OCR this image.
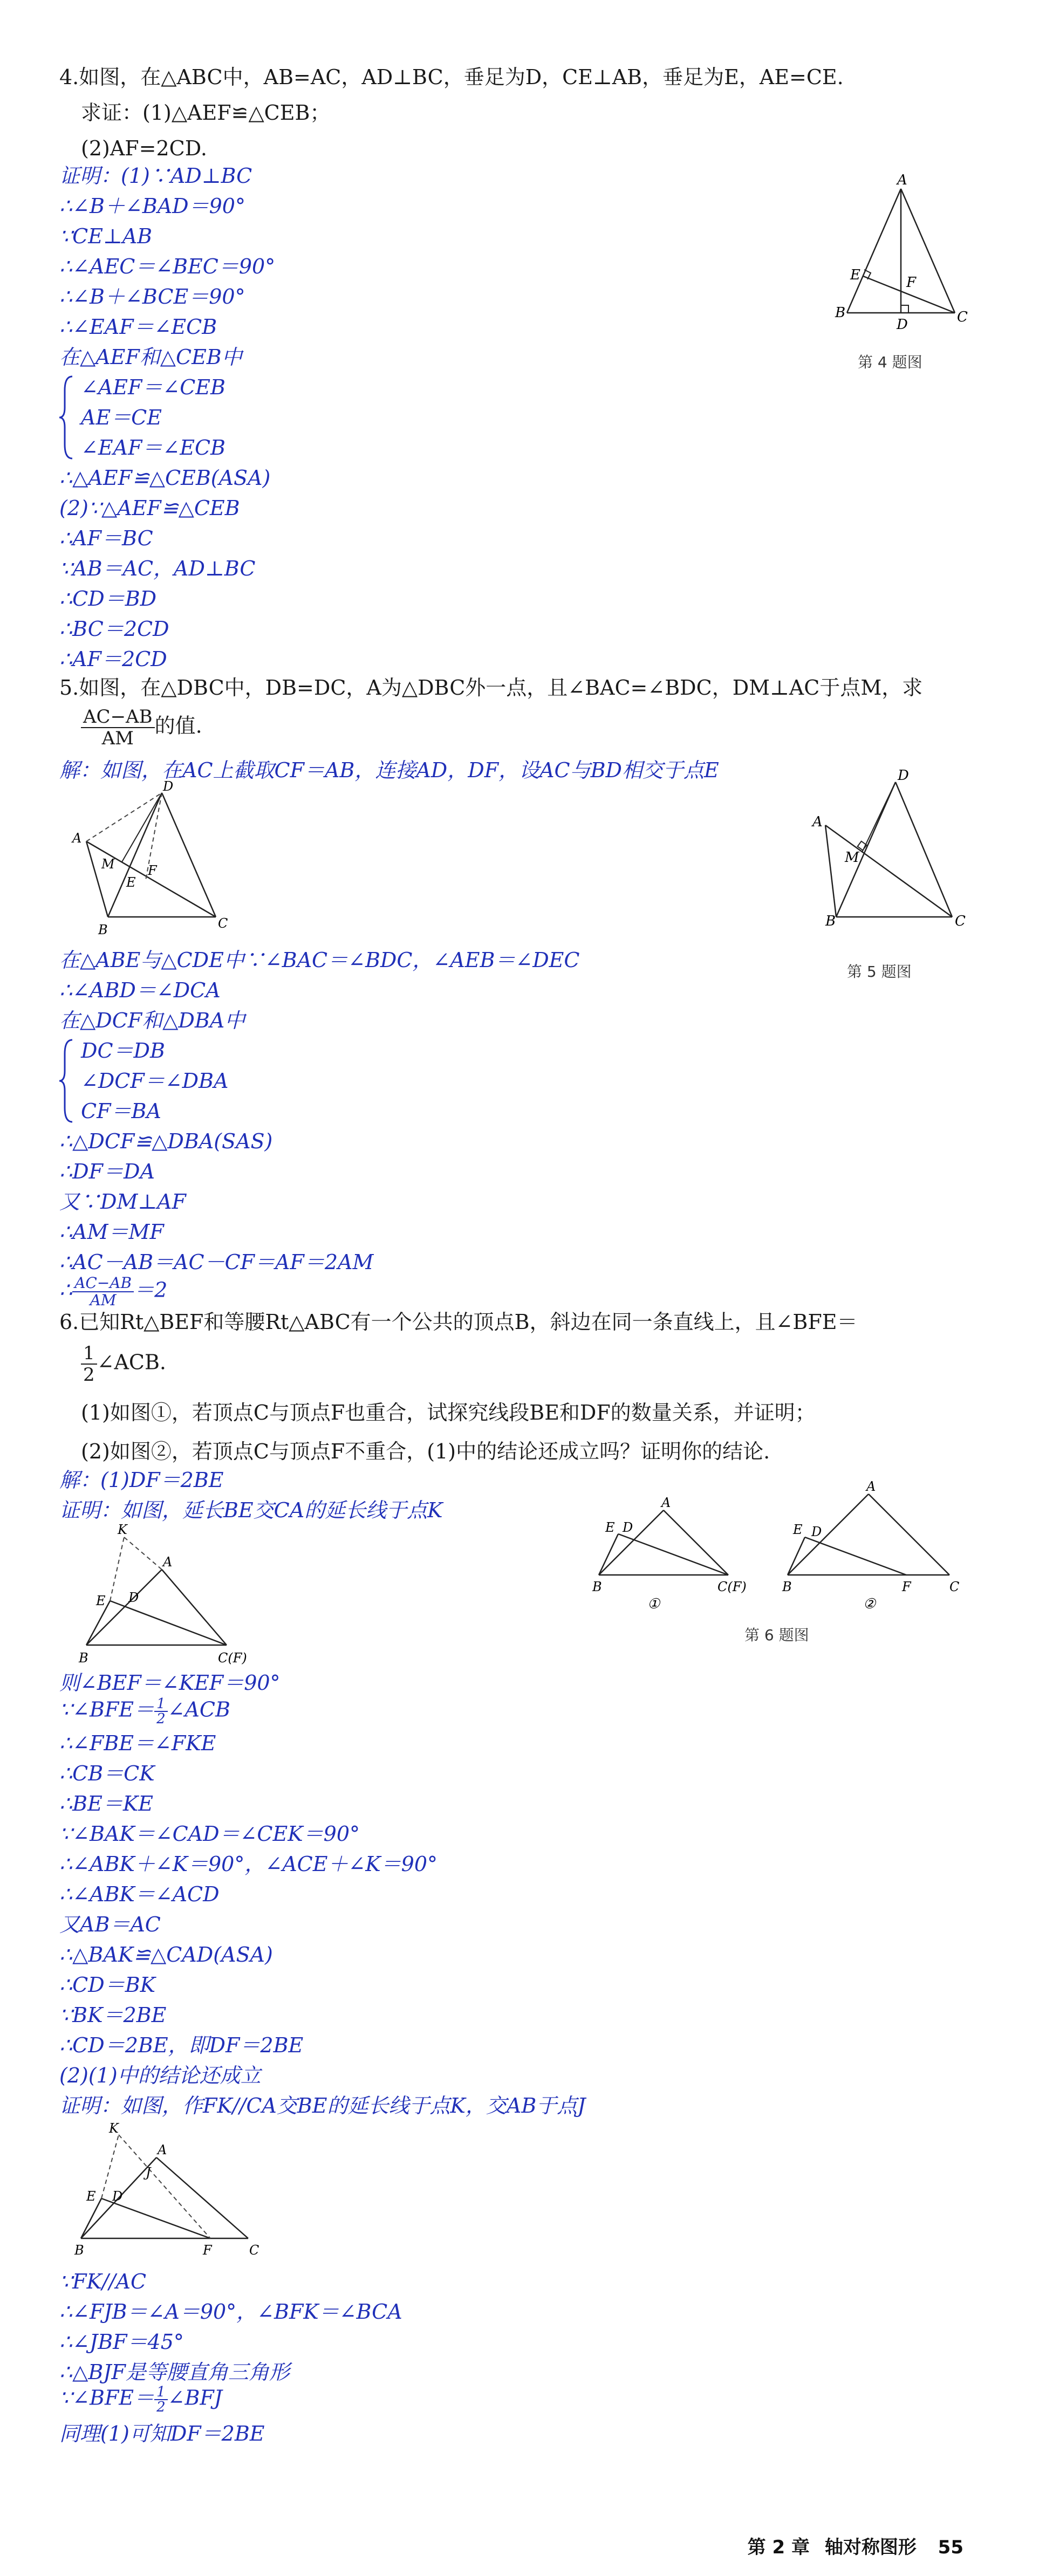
4.如图，在△ABC中，AB=AC，AD⊥BC，垂足为D，CE⊥AB，垂足为E，AE=CE.
求证：(1)△AEF≌△CEB；
(2)AF=2CD.
证明：(1)∵AD⊥BC
∴∠B＋∠BAD＝90°
∵CE⊥AB
∴∠AEC＝∠BEC＝90°
∴∠B＋∠BCE＝90°
∴∠EAF＝∠ECB
在△AEF和△CEB中
∠AEF＝∠CEB
AE＝CE
∠EAF＝∠ECB
∴△AEF≌△CEB(ASA)
(2)∵△AEF≌△CEB
∴AF＝BC
∵AB＝AC，AD⊥BC
∴CD＝BD
∴BC＝2CD
∴AF＝2CD
A
B	C
D
E	F
第 4 题图
5.如图，在△DBC中，DB=DC，A为△DBC外一点，且∠BAC=∠BDC，DM⊥AC于点M，求
$\frac{AC-AB}{AM}$ 的值.
解：如图，在AC上截取CF＝AB，连接AD，DF，设AC与BD相交于点E
D
A
B	C
M
E
F
D
A
B	C
M
第 5 题图
在△ABE与△CDE中∵∠BAC＝∠BDC，∠AEB＝∠DEC
∴∠ABD＝∠DCA
在△DCF和△DBA中
DC＝DB
∠DCF＝∠DBA
CF＝BA
∴△DCF≌△DBA(SAS)
∴DF＝DA
又∵DM⊥AF
∴AM＝MF
∴AC－AB＝AC－CF＝AF＝2AM
∴ $\frac{AC-AB}{AM} =2$
6.已知Rt△BEF和等腰Rt△ABC有一个公共的顶点B，斜边在同一条直线上，且∠BFE＝
$\frac{1}{2}$ ∠ACB.
(1)如图①，若顶点C与顶点F也重合，试探究线段BE和DF的数量关系，并证明；
(2)如图②，若顶点C与顶点F不重合，(1)中的结论还成立吗？证明你的结论.
解：(1)DF＝2BE
证明：如图，延长BE交CA的延长线于点K
K
A
E D
B	C(F)
A
E D
B	C(F)
①
A
E D
B	F	C
②
第 6 题图
则∠BEF＝∠KEF＝90°
∵∠BFE＝ $\frac{1}{2}$ ∠ACB
∴∠FBE＝∠FKE
∴CB＝CK
∴BE＝KE
∵∠BAK＝∠CAD＝∠CEK＝90°
∴∠ABK＋∠K＝90°，∠ACE＋∠K＝90°
∴∠ABK＝∠ACD
又AB＝AC
∴△BAK≌△CAD(ASA)
∴CD＝BK
∵BK＝2BE
∴CD＝2BE，即DF＝2BE
(2)(1)中的结论还成立
证明：如图，作FK//CA交BE的延长线于点K，交AB于点J
K
A
J
E D
B	F	C
∵FK//AC
∴∠FJB＝∠A＝90°，∠BFK＝∠BCA
∴∠JBF＝45°
∴△BJF是等腰直角三角形
∵∠BFE＝ $\frac{1}{2}$ ∠BFJ
同理(1)可知DF＝2BE
第 2 章 轴对称图形 55
